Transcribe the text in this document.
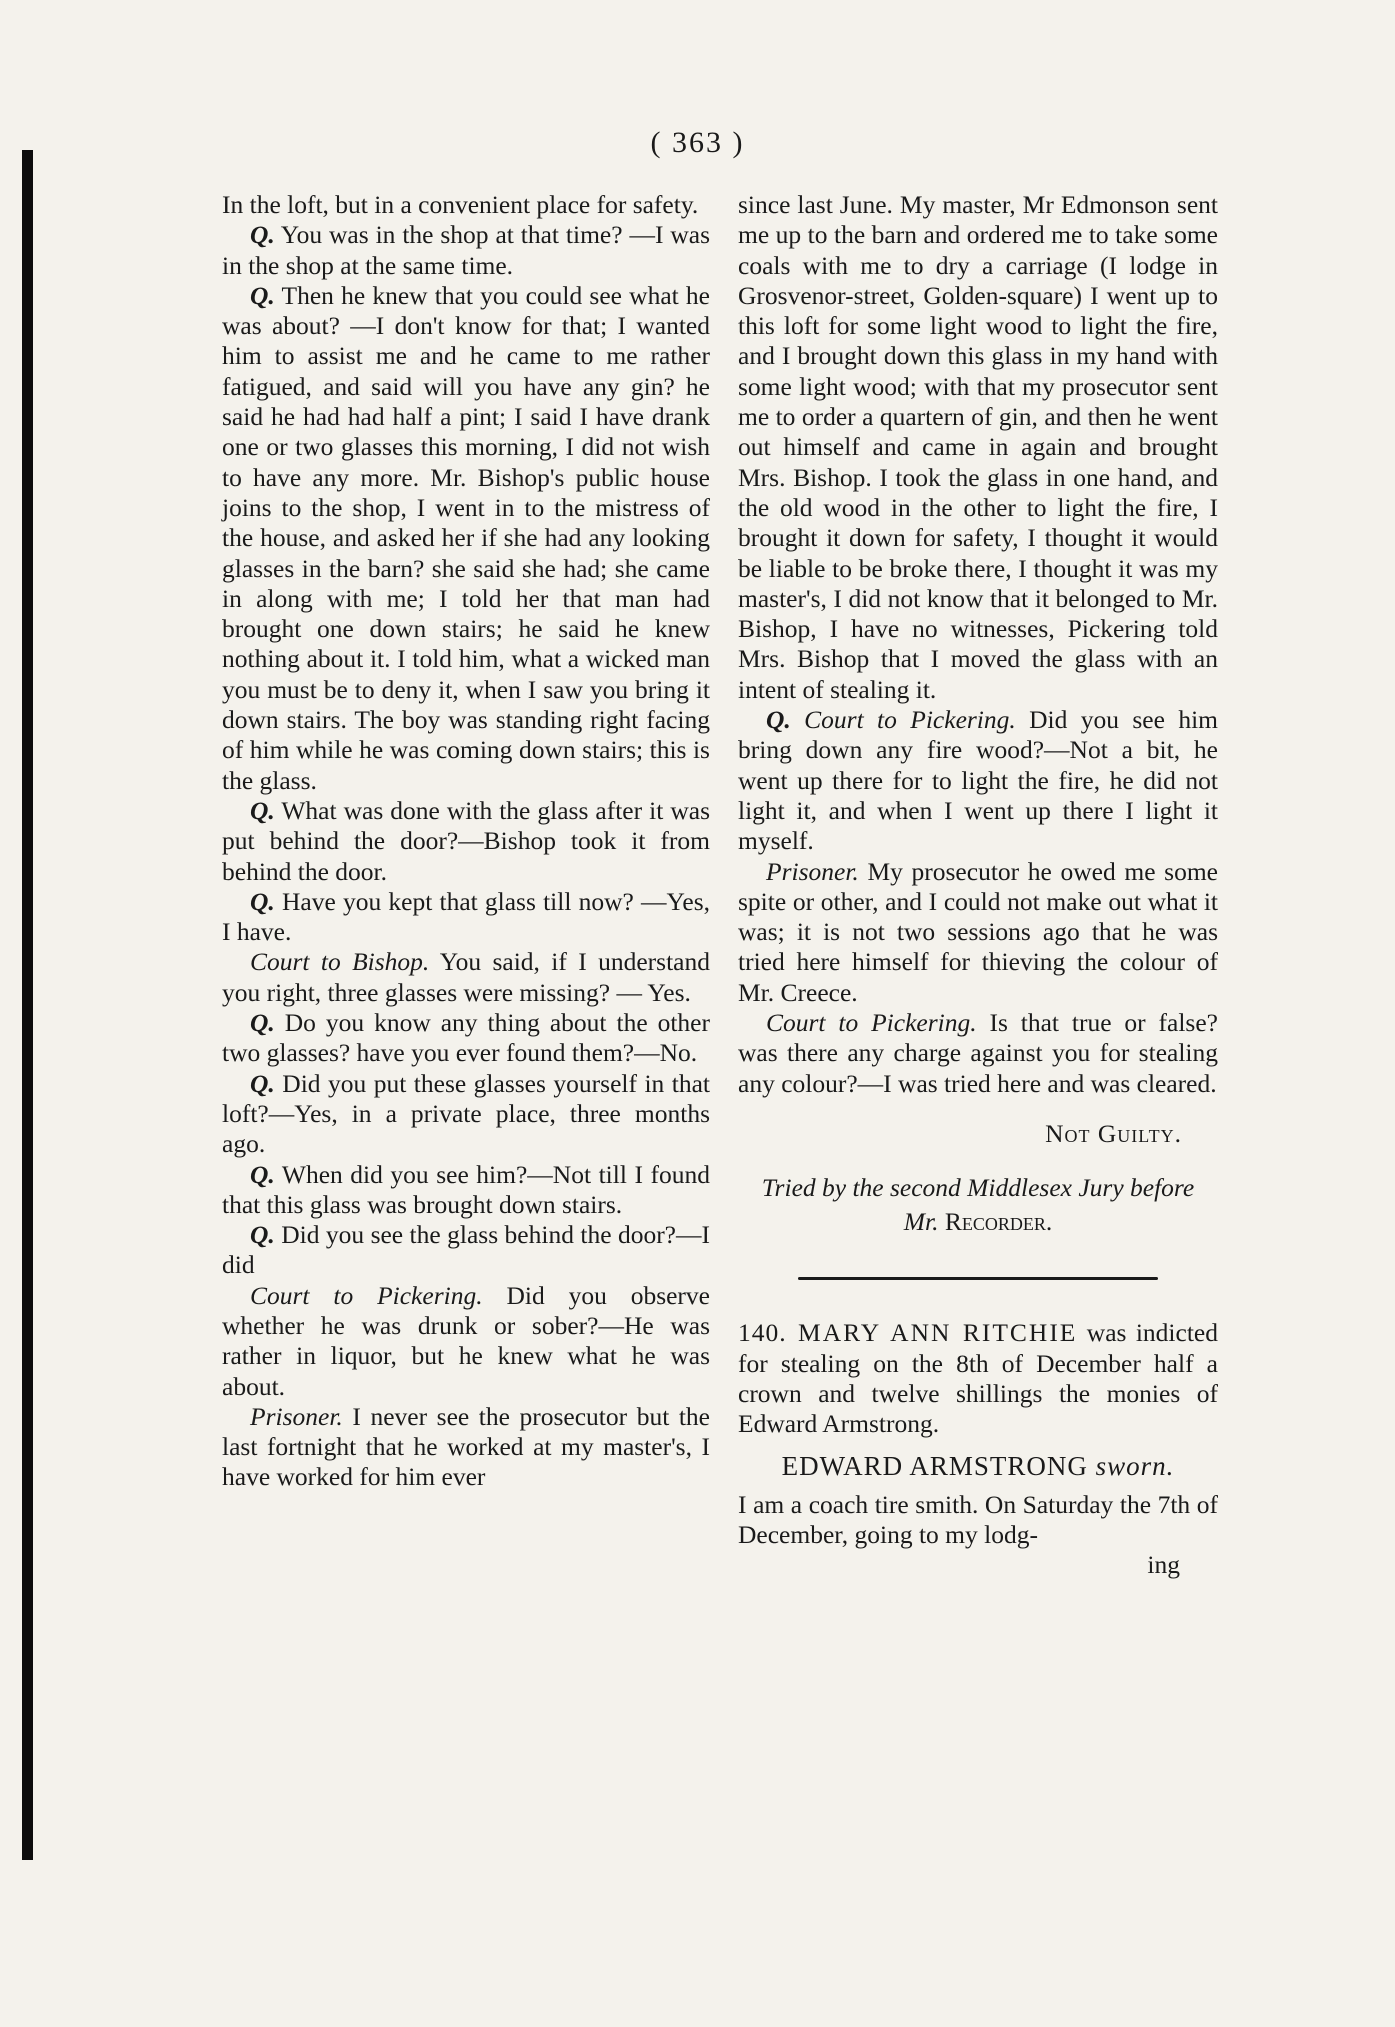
( 363 )

In the loft, but in a convenient place for safety.

Q. You was in the shop at that time? —I was in the shop at the same time.

Q. Then he knew that you could see what he was about? —I don't know for that; I wanted him to assist me and he came to me rather fatigued, and said will you have any gin? he said he had had half a pint; I said I have drank one or two glasses this morning, I did not wish to have any more. Mr. Bishop's public house joins to the shop, I went in to the mistress of the house, and asked her if she had any looking glasses in the barn? she said she had; she came in along with me; I told her that man had brought one down stairs; he said he knew nothing about it. I told him, what a wicked man you must be to deny it, when I saw you bring it down stairs. The boy was standing right facing of him while he was coming down stairs; this is the glass.

Q. What was done with the glass after it was put behind the door?—Bishop took it from behind the door.

Q. Have you kept that glass till now? —Yes, I have.

Court to Bishop. You said, if I understand you right, three glasses were missing? — Yes.

Q. Do you know any thing about the other two glasses? have you ever found them?—No.

Q. Did you put these glasses yourself in that loft?—Yes, in a private place, three months ago.

Q. When did you see him?—Not till I found that this glass was brought down stairs.

Q. Did you see the glass behind the door?—I did

Court to Pickering. Did you observe whether he was drunk or sober?—He was rather in liquor, but he knew what he was about.

Prisoner. I never see the prosecutor but the last fortnight that he worked at my master's, I have worked for him ever

since last June. My master, Mr Edmonson sent me up to the barn and ordered me to take some coals with me to dry a carriage (I lodge in Grosvenor-street, Golden-square) I went up to this loft for some light wood to light the fire, and I brought down this glass in my hand with some light wood; with that my prosecutor sent me to order a quartern of gin, and then he went out himself and came in again and brought Mrs. Bishop. I took the glass in one hand, and the old wood in the other to light the fire, I brought it down for safety, I thought it would be liable to be broke there, I thought it was my master's, I did not know that it belonged to Mr. Bishop, I have no witnesses, Pickering told Mrs. Bishop that I moved the glass with an intent of stealing it.

Q. Court to Pickering. Did you see him bring down any fire wood?—Not a bit, he went up there for to light the fire, he did not light it, and when I went up there I light it myself.

Prisoner. My prosecutor he owed me some spite or other, and I could not make out what it was; it is not two sessions ago that he was tried here himself for thieving the colour of Mr. Creece.

Court to Pickering. Is that true or false? was there any charge against you for stealing any colour?—I was tried here and was cleared.

Not Guilty.

Tried by the second Middlesex Jury before
Mr. Recorder.

140. MARY ANN RITCHIE was indicted for stealing on the 8th of December half a crown and twelve shillings the monies of Edward Armstrong.

EDWARD ARMSTRONG sworn.

I am a coach tire smith. On Saturday the 7th of December, going to my lodg-

ing
